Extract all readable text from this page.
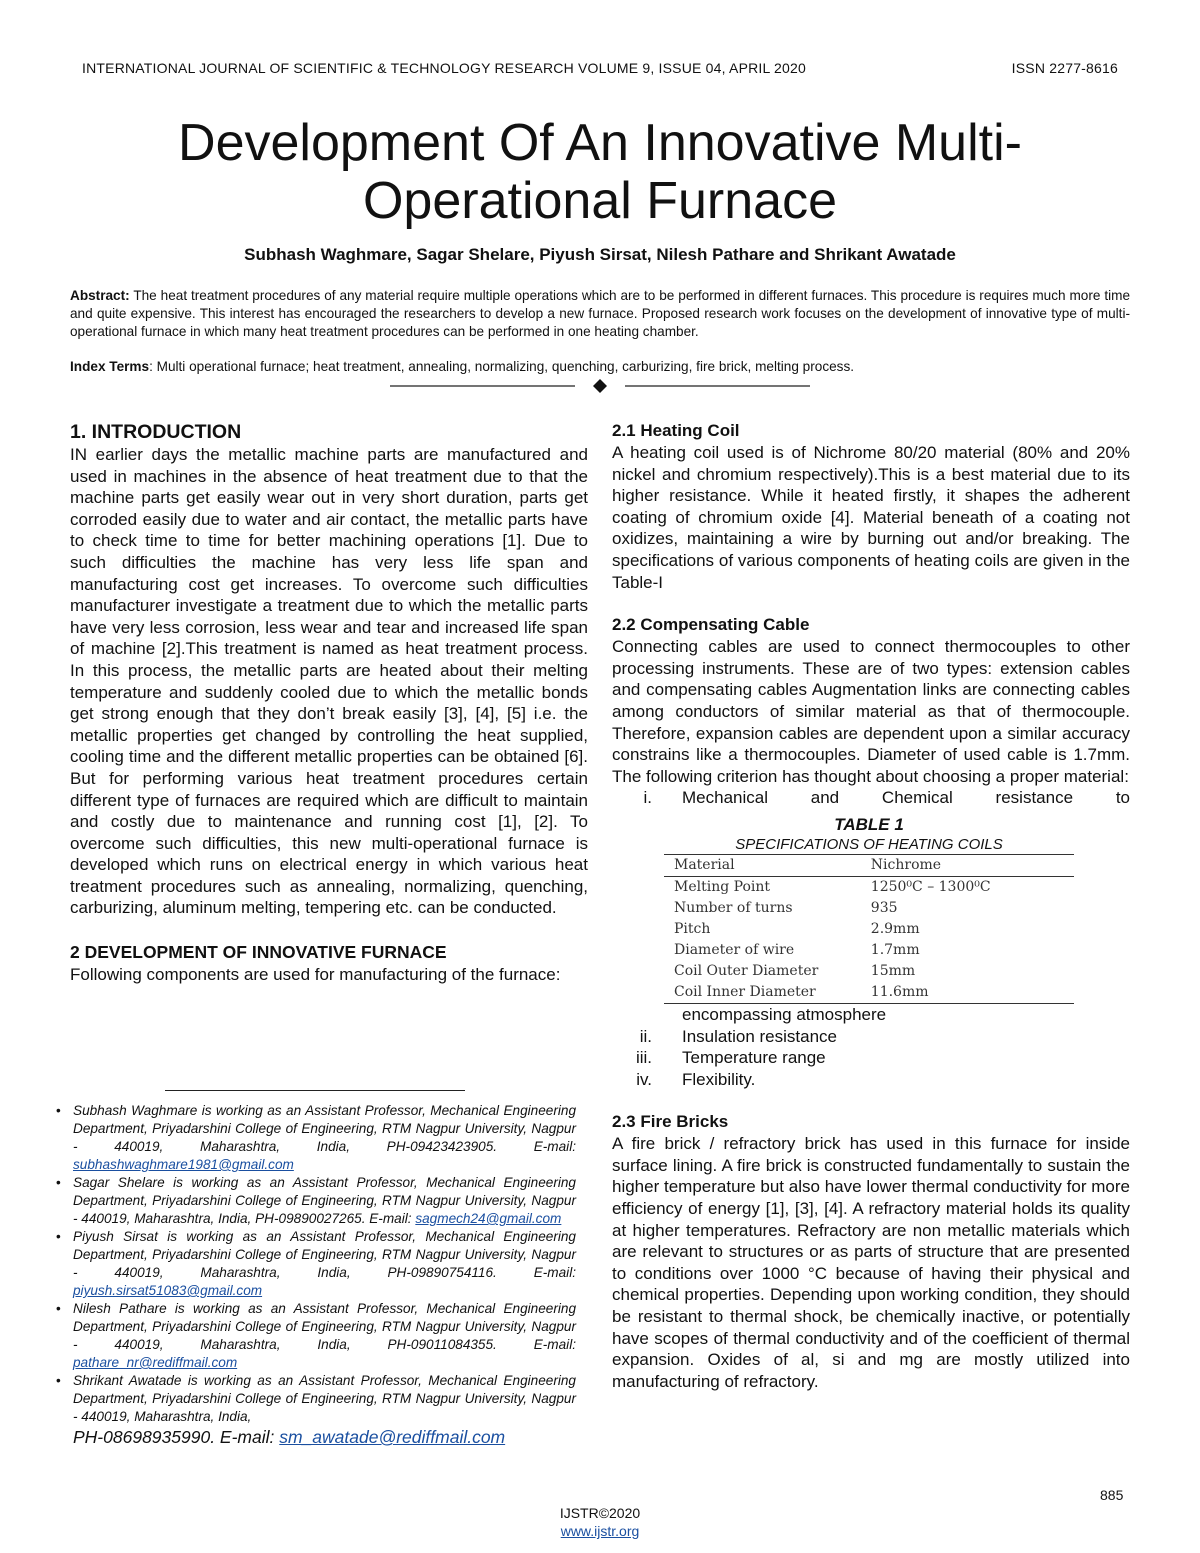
INTERNATIONAL JOURNAL OF SCIENTIFIC & TECHNOLOGY RESEARCH VOLUME 9, ISSUE 04, APRIL 2020	ISSN 2277-8616
Development Of An Innovative Multi-Operational Furnace
Subhash Waghmare, Sagar Shelare, Piyush Sirsat, Nilesh Pathare and Shrikant Awatade
Abstract: The heat treatment procedures of any material require multiple operations which are to be performed in different furnaces. This procedure is requires much more time and quite expensive. This interest has encouraged the researchers to develop a new furnace. Proposed research work focuses on the development of innovative type of multi-operational furnace in which many heat treatment procedures can be performed in one heating chamber.
Index Terms: Multi operational furnace; heat treatment, annealing, normalizing, quenching, carburizing, fire brick, melting process.
1. INTRODUCTION

IN earlier days the metallic machine parts are manufactured and used in machines in the absence of heat treatment due to that the machine parts get easily wear out in very short duration, parts get corroded easily due to water and air contact, the metallic parts have to check time to time for better machining operations [1]. Due to such difficulties the machine has very less life span and manufacturing cost get increases. To overcome such difficulties manufacturer investigate a treatment due to which the metallic parts have very less corrosion, less wear and tear and increased life span of machine [2].This treatment is named as heat treatment process. In this process, the metallic parts are heated about their melting temperature and suddenly cooled due to which the metallic bonds get strong enough that they don’t break easily [3], [4], [5] i.e. the metallic properties get changed by controlling the heat supplied, cooling time and the different metallic properties can be obtained [6]. But for performing various heat treatment procedures certain different type of furnaces are required which are difficult to maintain and costly due to maintenance and running cost [1], [2]. To overcome such difficulties, this new multi-operational furnace is developed which runs on electrical energy in which various heat treatment procedures such as annealing, normalizing, quenching, carburizing, aluminum melting, tempering etc. can be conducted.

2 DEVELOPMENT OF INNOVATIVE FURNACE

Following components are used for manufacturing of the furnace:

2.1 Heating Coil

A heating coil used is of Nichrome 80/20 material (80% and 20% nickel and chromium respectively).This is a best material due to its higher resistance. While it heated firstly, it shapes the adherent coating of chromium oxide [4]. Material beneath of a coating not oxidizes, maintaining a wire by burning out and/or breaking. The specifications of various components of heating coils are given in the Table-I

2.2 Compensating Cable

Connecting cables are used to connect thermocouples to other processing instruments. These are of two types: extension cables and compensating cables Augmentation links are connecting cables among conductors of similar material as that of thermocouple. Therefore, expansion cables are dependent upon a similar accuracy constrains like a thermocouples. Diameter of used cable is 1.7mm. The following criterion has thought about choosing a proper material:

i.	Mechanical and Chemical resistance to
TABLE 1
SPECIFICATIONS OF HEATING COILS
Material	Nichrome
Melting Point	1250⁰C – 1300⁰C
Number of turns	935
Pitch	2.9mm
Diameter of wire	1.7mm
Coil Outer Diameter	15mm
Coil Inner Diameter	11.6mm
encompassing atmosphere
ii.	Insulation resistance
iii.	Temperature range
iv.	Flexibility.
2.3 Fire Bricks

A fire brick / refractory brick has used in this furnace for inside surface lining. A fire brick is constructed fundamentally to sustain the higher temperature but also have lower thermal conductivity for more efficiency of energy [1], [3], [4]. A refractory material holds its quality at higher temperatures. Refractory are non metallic materials which are relevant to structures or as parts of structure that are presented to conditions over 1000 °C because of having their physical and chemical properties. Depending upon working condition, they should be resistant to thermal shock, be chemically inactive, or potentially have scopes of thermal conductivity and of the coefficient of thermal expansion. Oxides of al, si and mg are mostly utilized into manufacturing of refractory.

• Subhash Waghmare is working as an Assistant Professor, Mechanical Engineering Department, Priyadarshini College of Engineering, RTM Nagpur University, Nagpur - 440019, Maharashtra, India, PH-09423423905. E-mail: subhashwaghmare1981@gmail.com
• Sagar Shelare is working as an Assistant Professor, Mechanical Engineering Department, Priyadarshini College of Engineering, RTM Nagpur University, Nagpur - 440019, Maharashtra, India, PH-09890027265. E-mail: sagmech24@gmail.com
• Piyush Sirsat is working as an Assistant Professor, Mechanical Engineering Department, Priyadarshini College of Engineering, RTM Nagpur University, Nagpur - 440019, Maharashtra, India, PH-09890754116. E-mail: piyush.sirsat51083@gmail.com
• Nilesh Pathare is working as an Assistant Professor, Mechanical Engineering Department, Priyadarshini College of Engineering, RTM Nagpur University, Nagpur - 440019, Maharashtra, India, PH-09011084355. E-mail: pathare_nr@rediffmail.com
• Shrikant Awatade is working as an Assistant Professor, Mechanical Engineering Department, Priyadarshini College of Engineering, RTM Nagpur University, Nagpur - 440019, Maharashtra, India,
PH-08698935990. E-mail: sm_awatade@rediffmail.com
885
IJSTR©2020
www.ijstr.org
